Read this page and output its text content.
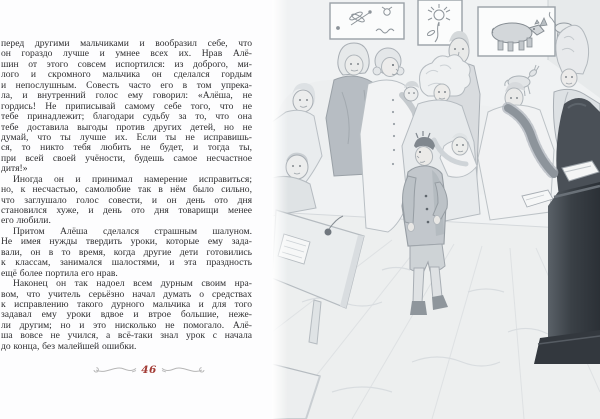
перед другими мальчиками и вообразил себе, что
он гораздо лучше и умнее всех их. Нрав Алё-
шин от этого совсем испортился: из доброго, ми-
лого и скромного мальчика он сделался гордым
и непослушным. Совесть часто его в том упрека-
ла, и внутренний голос ему говорил: «Алёша, не
гордись! Не приписывай самому себе того, что не
тебе принадлежит; благодари судьбу за то, что она
тебе доставила выгоды против других детей, но не
думай, что ты лучше их. Если ты не исправишь-
ся, то никто тебя любить не будет, и тогда ты,
при всей своей учёности, будешь самое несчастное
дитя!»
Иногда он и принимал намерение исправиться;
но, к несчастью, самолюбие так в нём было сильно,
что заглушало голос совести, и он день ото дня
становился хуже, и день ото дня товарищи менее
его любили.
Притом Алёша сделался страшным шалуном.
Не имея нужды твердить уроки, которые ему зада-
вали, он в то время, когда другие дети готовились
к классам, занимался шалостями, и эта праздность
ещё более портила его нрав.
Наконец он так надоел всем дурным своим нра-
вом, что учитель серьёзно начал думать о средствах
к исправлению такого дурного мальчика и для того
задавал ему уроки вдвое и втрое бо́льшие, неже-
ли другим; но и это нисколько не помогало. Алё-
ша вовсе не учился, а всё-таки знал урок с начала
до конца, без малейшей ошибки.
46
